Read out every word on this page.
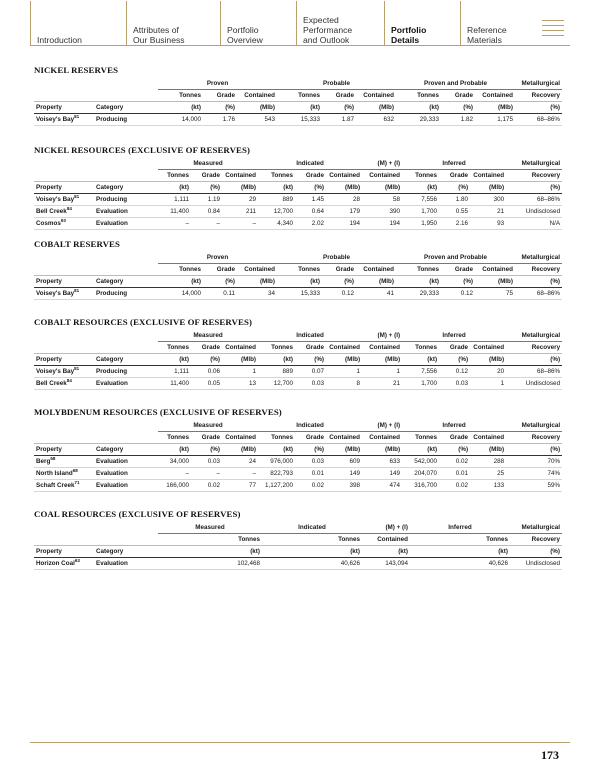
Introduction
Attributes of
Our Business
Portfolio
Overview
Expected
Performance
and Outlook
Portfolio
Details
Reference
Materials
NICKEL RESERVES
		Proven			Probable			Proven and Probable			Metallurgical
		Tonnes	Grade	Contained	Tonnes	Grade	Contained	Tonnes	Grade	Contained	Recovery
Property	Category	(kt)	(%)	(Mlb)	(kt)	(%)	(Mlb)	(kt)	(%)	(Mlb)	(%)
Voisey's Bay$^{81}$	Producing	14,000	1.76	543	15,333	1.87	632	29,333	1.82	1,175	68–86%
NICKEL RESOURCES (EXCLUSIVE OF RESERVES)
		Measured			Indicated			(M) + (I)	Inferred			Metallurgical
		Tonnes	Grade	Contained	Tonnes	Grade	Contained	Contained	Tonnes	Grade	Contained	Recovery
Property	Category	(kt)	(%)	(Mlb)	(kt)	(%)	(Mlb)	(Mlb)	(kt)	(%)	(Mlb)	(%)
Voisey's Bay$^{81}$	Producing	1,111	1.19	29	889	1.45	28	58	7,556	1.80	300	68–86%
Bell Creek$^{84}$	Evaluation	11,400	0.84	211	12,700	0.64	179	390	1,700	0.55	21	Undisclosed
Cosmos$^{93}$	Evaluation	–	–	–	4,340	2.02	194	194	1,950	2.16	93	N/A
COBALT RESERVES
		Proven			Probable			Proven and Probable			Metallurgical
		Tonnes	Grade	Contained	Tonnes	Grade	Contained	Tonnes	Grade	Contained	Recovery
Property	Category	(kt)	(%)	(Mlb)	(kt)	(%)	(Mlb)	(kt)	(%)	(Mlb)	(%)
Voisey's Bay$^{81}$	Producing	14,000	0.11	34	15,333	0.12	41	29,333	0.12	75	68–86%
COBALT RESOURCES (EXCLUSIVE OF RESERVES)
		Measured			Indicated			(M) + (I)	Inferred			Metallurgical
		Tonnes	Grade	Contained	Tonnes	Grade	Contained	Contained	Tonnes	Grade	Contained	Recovery
Property	Category	(kt)	(%)	(Mlb)	(kt)	(%)	(Mlb)	(Mlb)	(kt)	(%)	(Mlb)	(%)
Voisey's Bay$^{81}$	Producing	1,111	0.06	1	889	0.07	1	1	7,556	0.12	20	68–86%
Bell Creek$^{84}$	Evaluation	11,400	0.05	13	12,700	0.03	8	21	1,700	0.03	1	Undisclosed
MOLYBDENUM RESOURCES (EXCLUSIVE OF RESERVES)
		Measured			Indicated			(M) + (I)	Inferred			Metallurgical
		Tonnes	Grade	Contained	Tonnes	Grade	Contained	Contained	Tonnes	Grade	Contained	Recovery
Property	Category	(kt)	(%)	(Mlb)	(kt)	(%)	(Mlb)	(Mlb)	(kt)	(%)	(Mlb)	(%)
Berg$^{68}$	Evaluation	34,000	0.03	24	976,000	0.03	609	633	542,000	0.02	288	70%
North Island$^{68}$	Evaluation	–	–	–	822,793	0.01	149	149	204,070	0.01	25	74%
Schaft Creek$^{71}$	Evaluation	166,000	0.02	77	1,127,200	0.02	398	474	316,700	0.02	133	59%
COAL RESOURCES (EXCLUSIVE OF RESERVES)
		Measured	Indicated	(M) + (I)	Inferred	Metallurgical
		Tonnes	Tonnes	Contained	Tonnes	Recovery
Property	Category	(kt)	(kt)	(kt)	(kt)	(%)
Horizon Coal$^{63}$	Evaluation	102,468	40,626	143,094	40,626	Undisclosed
173
